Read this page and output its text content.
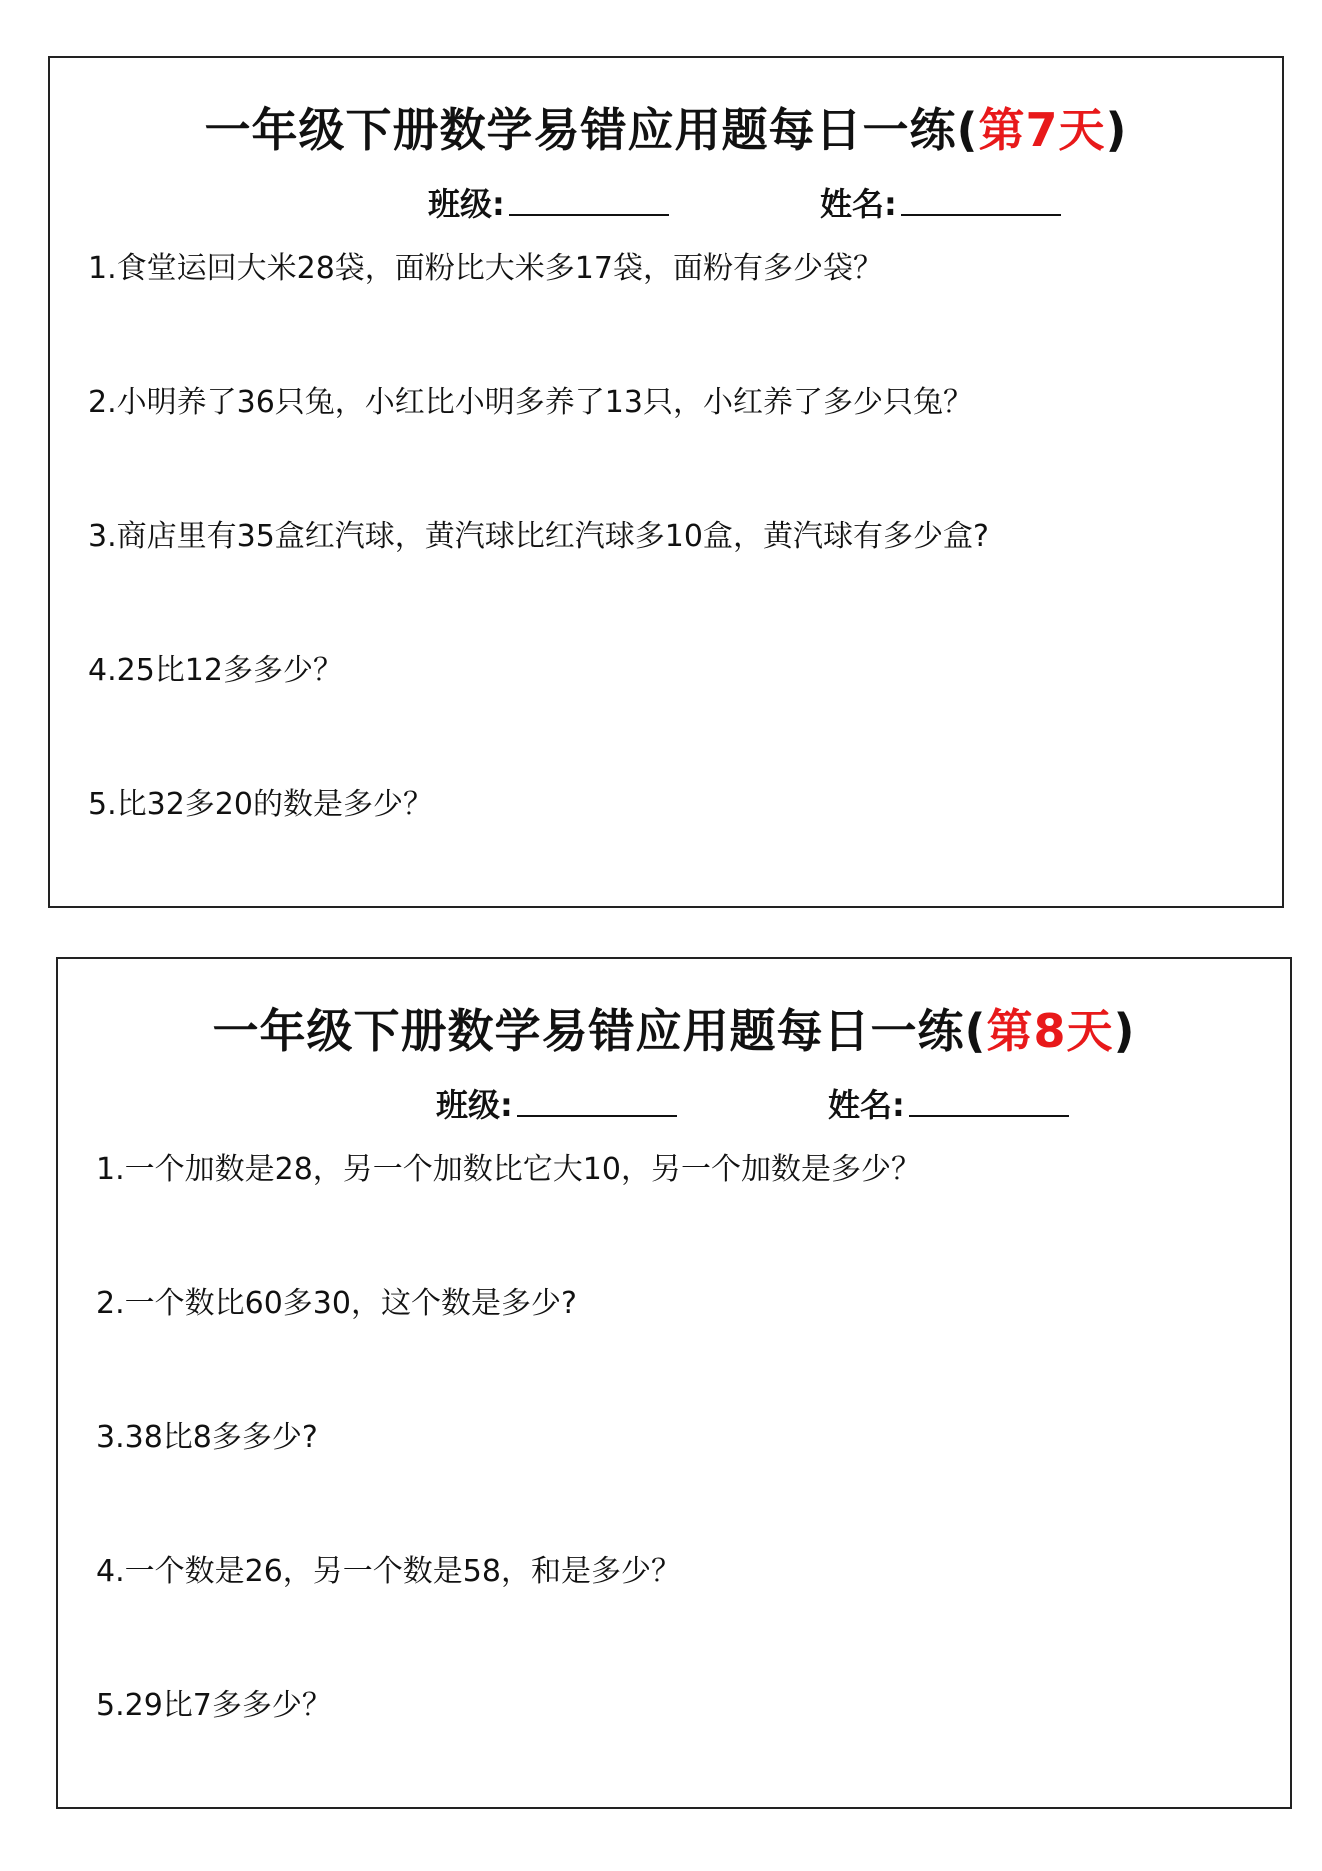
一年级下册数学易错应用题每日一练(第7天)
班级:	姓名:
1.食堂运回大米28袋，面粉比大米多17袋，面粉有多少袋？
2.小明养了36只兔，小红比小明多养了13只，小红养了多少只兔？
3.商店里有35盒红汽球，黄汽球比红汽球多10盒，黄汽球有多少盒?
4.25比12多多少？
5.比32多20的数是多少？
一年级下册数学易错应用题每日一练(第8天)
班级:	姓名:
1.一个加数是28，另一个加数比它大10，另一个加数是多少？
2.一个数比60多30，这个数是多少?
3.38比8多多少?
4.一个数是26，另一个数是58，和是多少？
5.29比7多多少？
